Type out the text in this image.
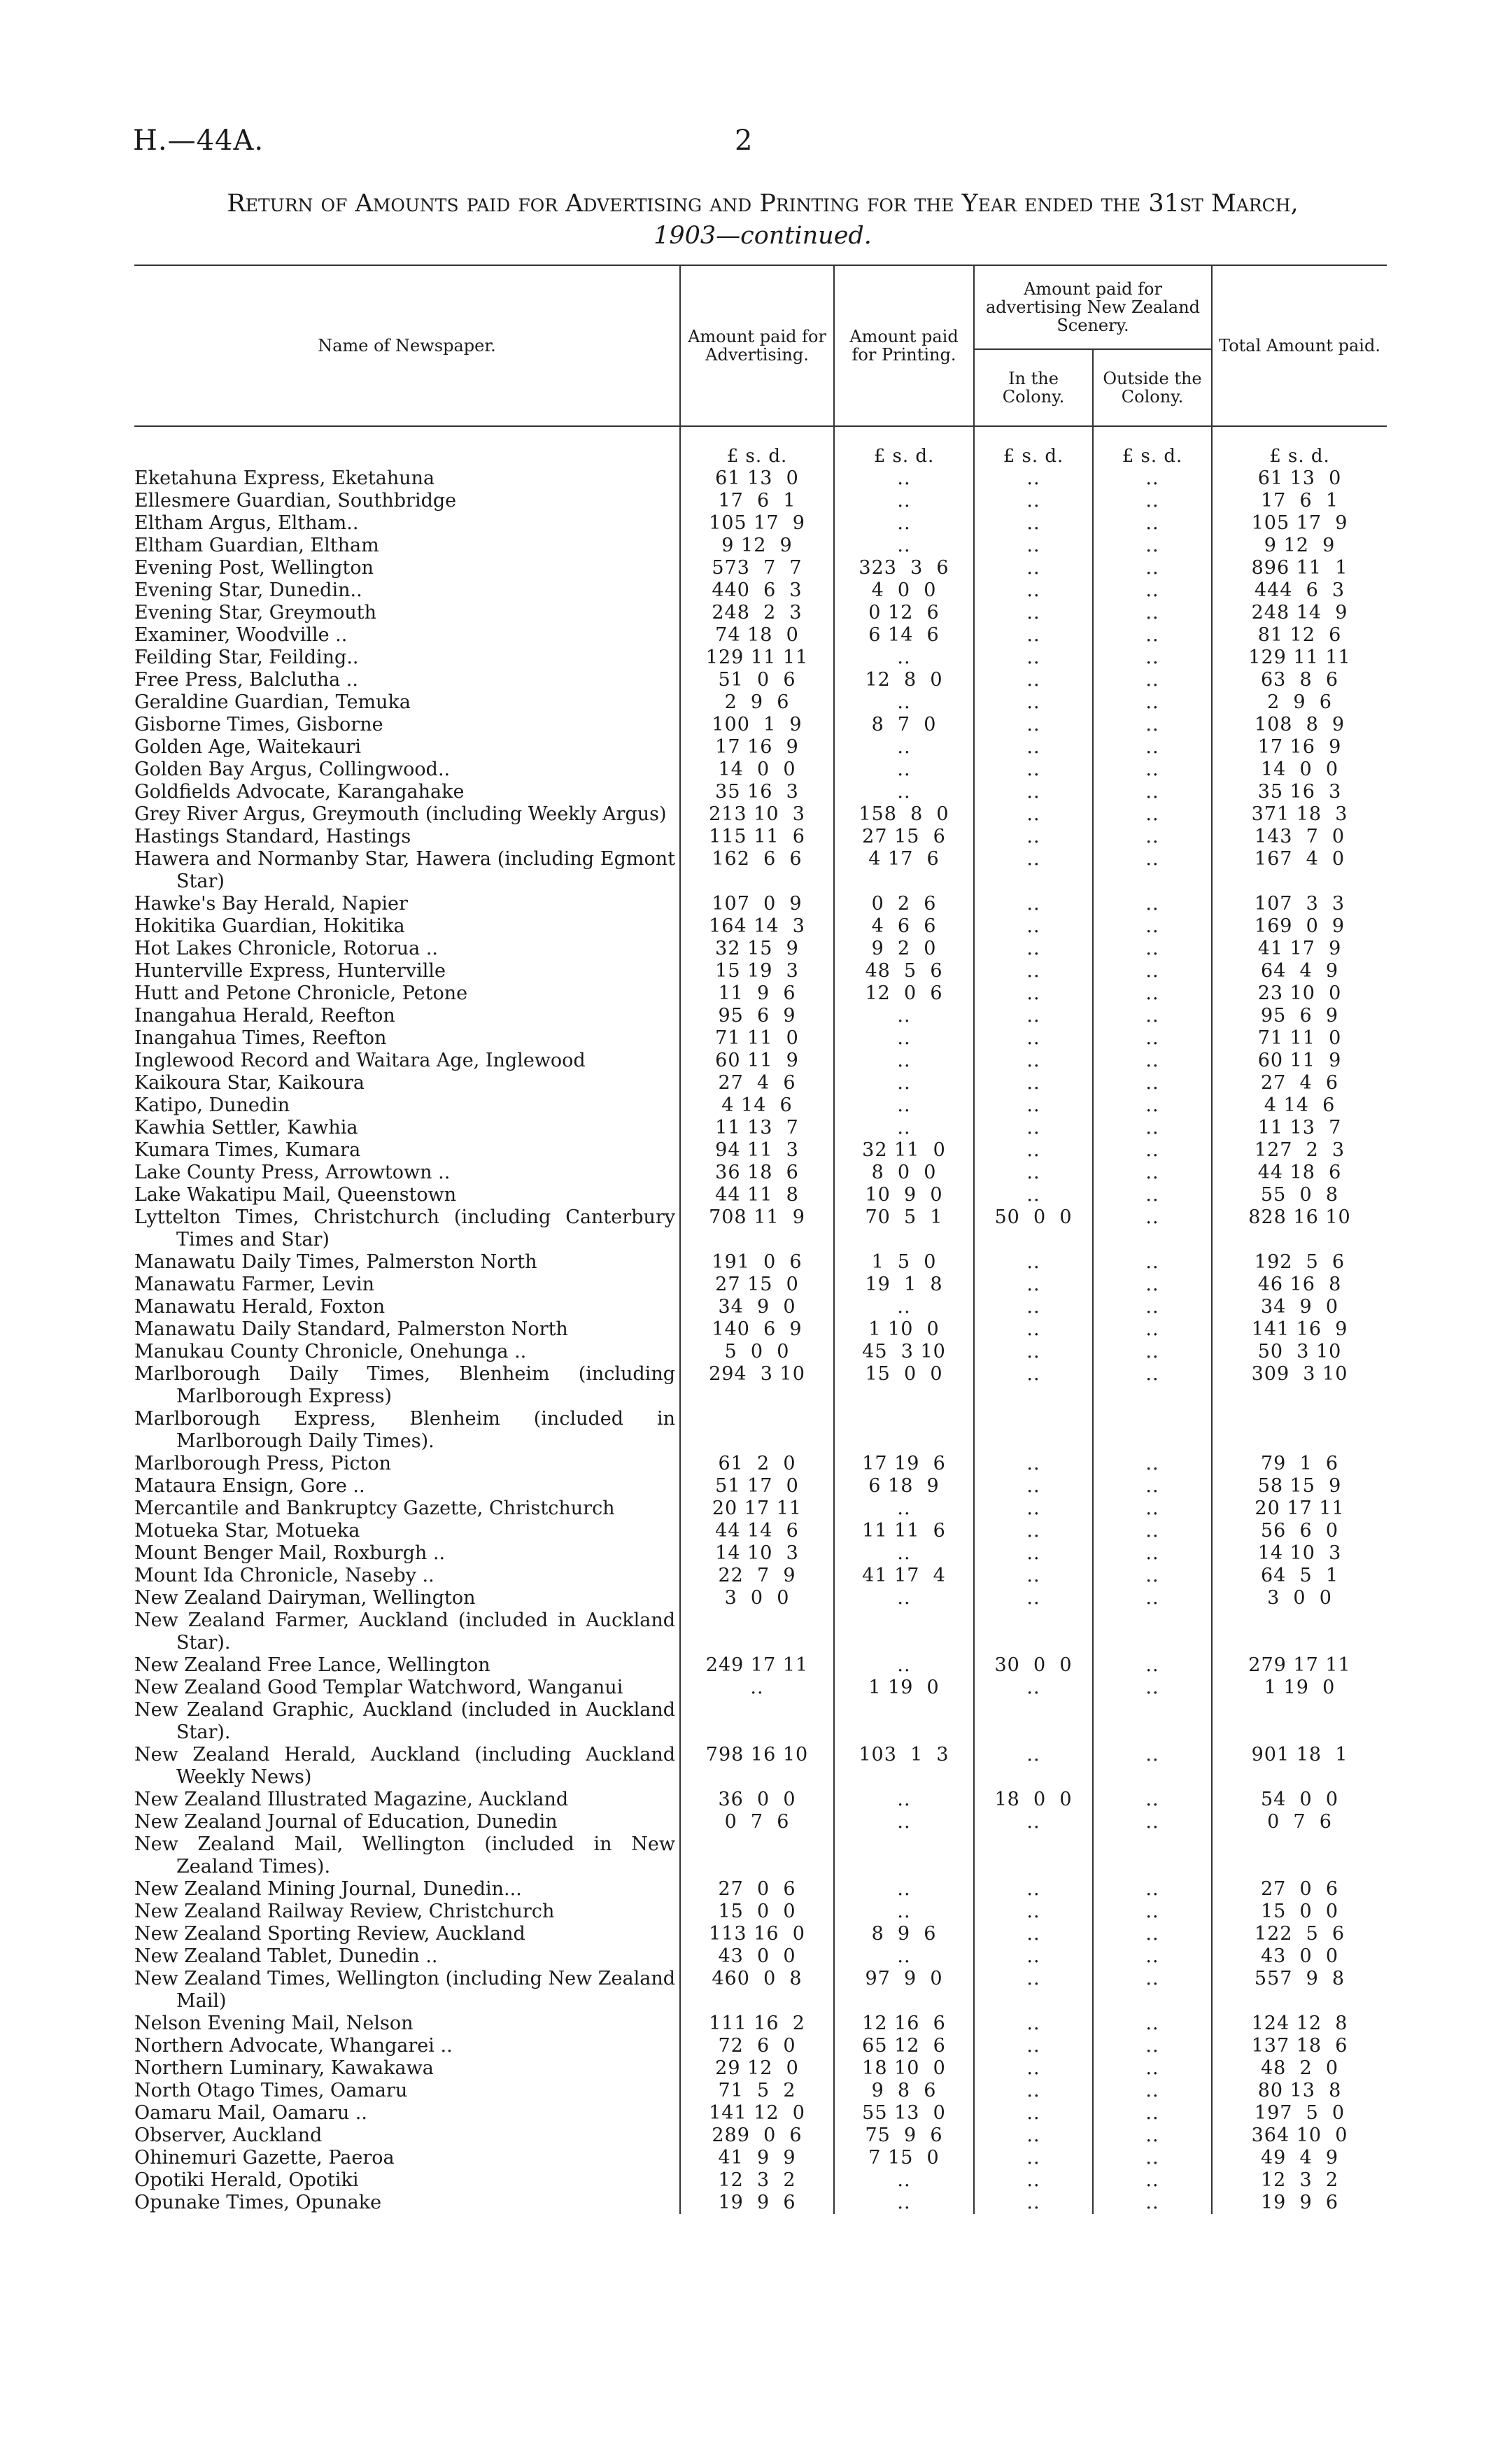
H.—44A.	2
Return of Amounts paid for Advertising and Printing for the Year ended the 31st March,
1903—continued.
Name of Newspaper.	Amount paid for Advertising.	Amount paid for Printing.	Amount paid for advertising New Zealand Scenery.		Total Amount paid.
			In the Colony.	Outside the Colony.	
	£ s. d.	£ s. d.	£ s. d.	£ s. d.	£ s. d.
Eketahuna Express, Eketahuna	61 13  0	..	..	..	61 13  0
Ellesmere Guardian, Southbridge	17  6  1	..	..	..	17  6  1
Eltham Argus, Eltham..	105 17  9	..	..	..	105 17  9
Eltham Guardian, Eltham	9 12  9	..	..	..	9 12  9
Evening Post, Wellington	573  7  7	323  3  6	..	..	896 11  1
Evening Star, Dunedin..	440  6  3	4  0  0	..	..	444  6  3
Evening Star, Greymouth	248  2  3	0 12  6	..	..	248 14  9
Examiner, Woodville ..	74 18  0	6 14  6	..	..	81 12  6
Feilding Star, Feilding..	129 11 11	..	..	..	129 11 11
Free Press, Balclutha ..	51  0  6	12  8  0	..	..	63  8  6
Geraldine Guardian, Temuka	2  9  6	..	..	..	2  9  6
Gisborne Times, Gisborne	100  1  9	8  7  0	..	..	108  8  9
Golden Age, Waitekauri	17 16  9	..	..	..	17 16  9
Golden Bay Argus, Collingwood..	14  0  0	..	..	..	14  0  0
Goldfields Advocate, Karangahake	35 16  3	..	..	..	35 16  3
Grey River Argus, Greymouth (including Weekly Argus)	213 10  3	158  8  0	..	..	371 18  3
Hastings Standard, Hastings	115 11  6	27 15  6	..	..	143  7  0
Hawera and Normanby Star, Hawera (including Egmont Star)	162  6  6	4 17  6	..	..	167  4  0
Hawke's Bay Herald, Napier	107  0  9	0  2  6	..	..	107  3  3
Hokitika Guardian, Hokitika	164 14  3	4  6  6	..	..	169  0  9
Hot Lakes Chronicle, Rotorua ..	32 15  9	9  2  0	..	..	41 17  9
Hunterville Express, Hunterville	15 19  3	48  5  6	..	..	64  4  9
Hutt and Petone Chronicle, Petone	11  9  6	12  0  6	..	..	23 10  0
Inangahua Herald, Reefton	95  6  9	..	..	..	95  6  9
Inangahua Times, Reefton	71 11  0	..	..	..	71 11  0
Inglewood Record and Waitara Age, Inglewood	60 11  9	..	..	..	60 11  9
Kaikoura Star, Kaikoura	27  4  6	..	..	..	27  4  6
Katipo, Dunedin	4 14  6	..	..	..	4 14  6
Kawhia Settler, Kawhia	11 13  7	..	..	..	11 13  7
Kumara Times, Kumara	94 11  3	32 11  0	..	..	127  2  3
Lake County Press, Arrowtown ..	36 18  6	8  0  0	..	..	44 18  6
Lake Wakatipu Mail, Queenstown	44 11  8	10  9  0	..	..	55  0  8
Lyttelton Times, Christchurch (including Canterbury Times and Star)	708 11  9	70  5  1	50  0  0	..	828 16 10
Manawatu Daily Times, Palmerston North	191  0  6	1  5  0	..	..	192  5  6
Manawatu Farmer, Levin	27 15  0	19  1  8	..	..	46 16  8
Manawatu Herald, Foxton	34  9  0	..	..	..	34  9  0
Manawatu Daily Standard, Palmerston North	140  6  9	1 10  0	..	..	141 16  9
Manukau County Chronicle, Onehunga ..	5  0  0	45  3 10	..	..	50  3 10
Marlborough Daily Times, Blenheim (including Marlborough Express)	294  3 10	15  0  0	..	..	309  3 10
Marlborough Express, Blenheim (included in Marlborough Daily Times).					
Marlborough Press, Picton	61  2  0	17 19  6	..	..	79  1  6
Mataura Ensign, Gore ..	51 17  0	6 18  9	..	..	58 15  9
Mercantile and Bankruptcy Gazette, Christchurch	20 17 11	..	..	..	20 17 11
Motueka Star, Motueka	44 14  6	11 11  6	..	..	56  6  0
Mount Benger Mail, Roxburgh ..	14 10  3	..	..	..	14 10  3
Mount Ida Chronicle, Naseby ..	22  7  9	41 17  4	..	..	64  5  1
New Zealand Dairyman, Wellington	3  0  0	..	..	..	3  0  0
New Zealand Farmer, Auckland (included in Auckland Star).					
New Zealand Free Lance, Wellington	249 17 11	..	30  0  0	..	279 17 11
New Zealand Good Templar Watchword, Wanganui	..	1 19  0	..	..	1 19  0
New Zealand Graphic, Auckland (included in Auckland Star).					
New Zealand Herald, Auckland (including Auckland Weekly News)	798 16 10	103  1  3	..	..	901 18  1
New Zealand Illustrated Magazine, Auckland	36  0  0	..	18  0  0	..	54  0  0
New Zealand Journal of Education, Dunedin	0  7  6	..	..	..	0  7  6
New Zealand Mail, Wellington (included in New Zealand Times).					
New Zealand Mining Journal, Dunedin...	27  0  6	..	..	..	27  0  6
New Zealand Railway Review, Christchurch	15  0  0	..	..	..	15  0  0
New Zealand Sporting Review, Auckland	113 16  0	8  9  6	..	..	122  5  6
New Zealand Tablet, Dunedin ..	43  0  0	..	..	..	43  0  0
New Zealand Times, Wellington (including New Zealand Mail)	460  0  8	97  9  0	..	..	557  9  8
Nelson Evening Mail, Nelson	111 16  2	12 16  6	..	..	124 12  8
Northern Advocate, Whangarei ..	72  6  0	65 12  6	..	..	137 18  6
Northern Luminary, Kawakawa	29 12  0	18 10  0	..	..	48  2  0
North Otago Times, Oamaru	71  5  2	9  8  6	..	..	80 13  8
Oamaru Mail, Oamaru ..	141 12  0	55 13  0	..	..	197  5  0
Observer, Auckland	289  0  6	75  9  6	..	..	364 10  0
Ohinemuri Gazette, Paeroa	41  9  9	7 15  0	..	..	49  4  9
Opotiki Herald, Opotiki	12  3  2	..	..	..	12  3  2
Opunake Times, Opunake	19  9  6	..	..	..	19  9  6
